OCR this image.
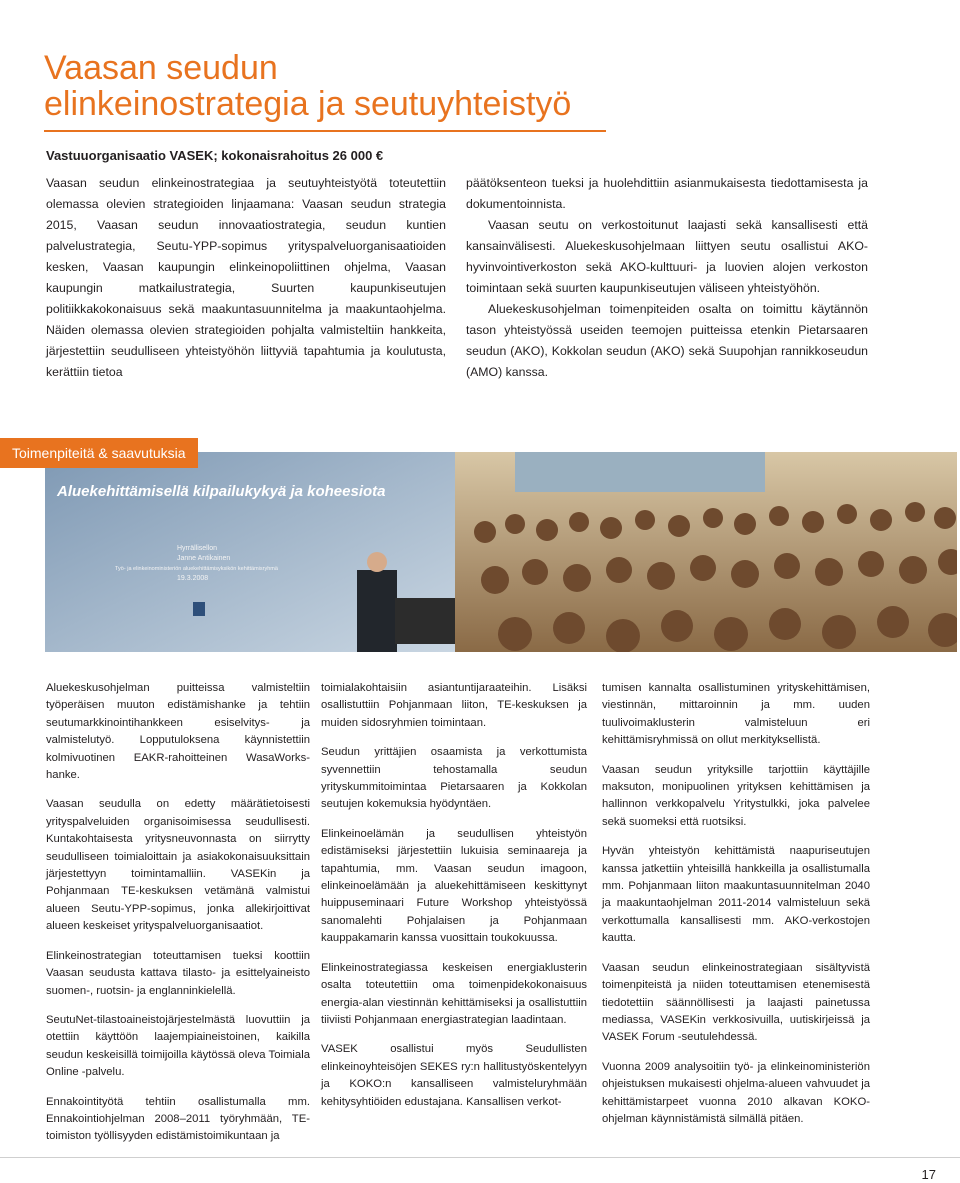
Vaasan seudun
elinkeinostrategia ja seutuyhteistyö
Vastuuorganisaatio VASEK; kokonaisrahoitus 26 000 €

Vaasan seudun elinkeinostrategiaa ja seutuyhteistyötä toteutettiin olemassa olevien strategioiden linjaamana: Vaasan seudun strategia 2015, Vaasan seudun innovaatiostrategia, seudun kuntien palvelustrategia, Seutu-YPP-sopimus yrityspalveluorganisaatioiden kesken, Vaasan kaupungin elinkeinopoliittinen ohjelma, Vaasan kaupungin matkailustrategia, Suurten kaupunkiseutujen politiikkakokonaisuus sekä maakuntasuunnitelma ja maakuntaohjelma. Näiden olemassa olevien strategioiden pohjalta valmisteltiin hankkeita, järjestettiin seudulliseen yhteistyöhön liittyviä tapahtumia ja koulutusta, kerättiin tietoa

päätöksenteon tueksi ja huolehdittiin asianmukaisesta tiedottamisesta ja dokumentoinnista.

Vaasan seutu on verkostoitunut laajasti sekä kansallisesti että kansainvälisesti. Aluekeskusohjelmaan liittyen seutu osallistui AKO-hyvinvointiverkoston sekä AKO-kulttuuri- ja luovien alojen verkoston toimintaan sekä suurten kaupunkiseutujen väliseen yhteistyöhön.

Aluekeskusohjelman toimenpiteiden osalta on toimittu käytännön tason yhteistyössä useiden teemojen puitteissa etenkin Pietarsaaren seudun (AKO), Kokkolan seudun (AKO) sekä Suupohjan rannikkoseudun (AMO) kanssa.

Aluekehittämisellä kilpailukykyä ja koheesiota
Hyrrällisellon
Janne Antikainen
Työ- ja elinkeinoministeriön aluekehittämisyksikön kehittämisryhmä
19.3.2008
Toimenpiteitä & saavutuksia

Aluekeskusohjelman puitteissa valmisteltiin työperäisen muuton edistämishanke ja tehtiin seutumarkkinointihankkeen esiselvitys- ja valmistelutyö. Lopputuloksena käynnistettiin kolmivuotinen EAKR-rahoitteinen WasaWorks-hanke.

Vaasan seudulla on edetty määrätietoisesti yrityspalveluiden organisoimisessa seudullisesti. Kuntakohtaisesta yritysneuvonnasta on siirrytty seudulliseen toimialoittain ja asiakokonaisuuksittain järjestettyyn toimintamalliin. VASEKin ja Pohjanmaan TE-keskuksen vetämänä valmistui alueen Seutu-YPP-sopimus, jonka allekirjoittivat alueen keskeiset yrityspalveluorganisaatiot.

Elinkeinostrategian toteuttamisen tueksi koottiin Vaasan seudusta kattava tilasto- ja esittelyaineisto suomen-, ruotsin- ja englanninkielellä.

SeutuNet-tilastoaineistojärjestelmästä luovuttiin ja otettiin käyttöön laajempiaineistoinen, kaikilla seudun keskeisillä toimijoilla käytössä oleva Toimiala Online -palvelu.

Ennakointityötä tehtiin osallistumalla mm. Ennakointiohjelman 2008–2011 työryhmään, TE-toimiston työllisyyden edistämistoimikuntaan ja

toimialakohtaisiin asiantuntijaraateihin. Lisäksi osallistuttiin Pohjanmaan liiton, TE-keskuksen ja muiden sidosryhmien toimintaan.

Seudun yrittäjien osaamista ja verkottumista syvennettiin tehostamalla seudun yrityskummitoimintaa Pietarsaaren ja Kokkolan seutujen kokemuksia hyödyntäen.

Elinkeinoelämän ja seudullisen yhteistyön edistämiseksi järjestettiin lukuisia seminaareja ja tapahtumia, mm. Vaasan seudun imagoon, elinkeinoelämään ja aluekehittämiseen keskittynyt huippuseminaari Future Workshop yhteistyössä sanomalehti Pohjalaisen ja Pohjanmaan kauppakamarin kanssa vuosittain toukokuussa.

Elinkeinostrategiassa keskeisen energiaklusterin osalta toteutettiin oma toimenpidekokonaisuus energia-alan viestinnän kehittämiseksi ja osallistuttiin tiiviisti Pohjanmaan energiastrategian laadintaan.

VASEK osallistui myös Seudullisten elinkeinoyhteisöjen SEKES ry:n hallitustyöskentelyyn ja KOKO:n kansalliseen valmisteluryhmään kehitysyhtiöiden edustajana. Kansallisen verkot-

tumisen kannalta osallistuminen yrityskehittämisen, viestinnän, mittaroinnin ja mm. uuden tuulivoimaklusterin valmisteluun eri kehittämisryhmissä on ollut merkityksellistä.

Vaasan seudun yrityksille tarjottiin käyttäjille maksuton, monipuolinen yrityksen kehittämisen ja hallinnon verkkopalvelu Yritystulkki, joka palvelee sekä suomeksi että ruotsiksi.

Hyvän yhteistyön kehittämistä naapuriseutujen kanssa jatkettiin yhteisillä hankkeilla ja osallistumalla mm. Pohjanmaan liiton maakuntasuunnitelman 2040 ja maakuntaohjelman 2011-2014 valmisteluun sekä verkottumalla kansallisesti mm. AKO-verkostojen kautta.

Vaasan seudun elinkeinostrategiaan sisältyvistä toimenpiteistä ja niiden toteuttamisen etenemisestä tiedotettiin säännöllisesti ja laajasti painetussa mediassa, VASEKin verkkosivuilla, uutiskirjeissä ja VASEK Forum -seutulehdessä.

Vuonna 2009 analysoitiin työ- ja elinkeinoministeriön ohjeistuksen mukaisesti ohjelma-alueen vahvuudet ja kehittämistarpeet vuonna 2010 alkavan KOKO-ohjelman käynnistämistä silmällä pitäen.

17
